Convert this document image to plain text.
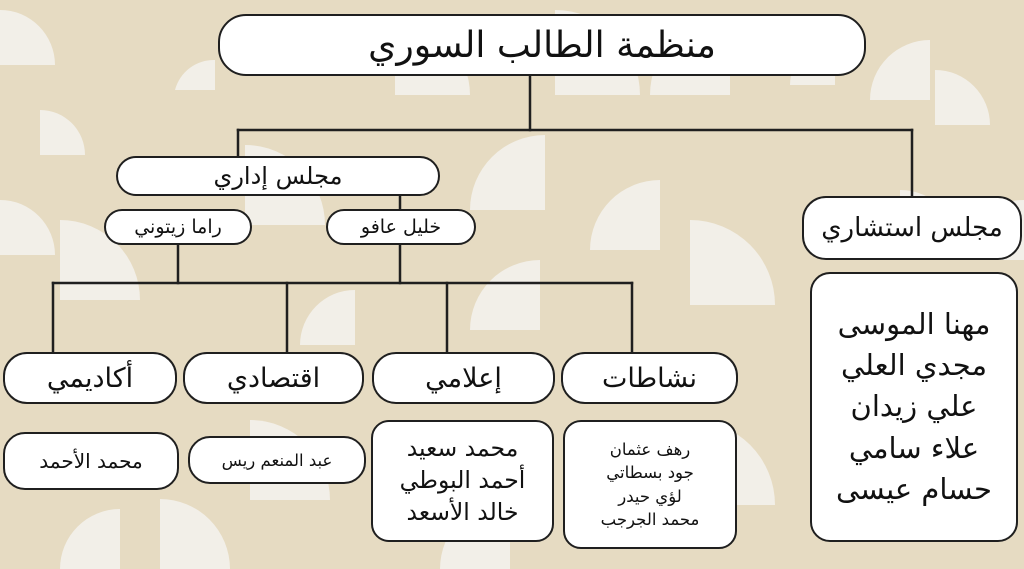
منظمة الطالب السوري
مجلس إداري
خليل عافو
راما زيتوني	مجلس استشاري
مهنا الموسى
مجدي العلي
علي زيدان
علاء سامي
حسام عيسى
نشاطات
إعلامي
اقتصادي
أكاديمي
رهف عثمان
جود بسطاتي
لؤي حيدر
محمد الجرجب
محمد سعيد
أحمد البوطي
خالد الأسعد
عبد المنعم ريس
محمد الأحمد
